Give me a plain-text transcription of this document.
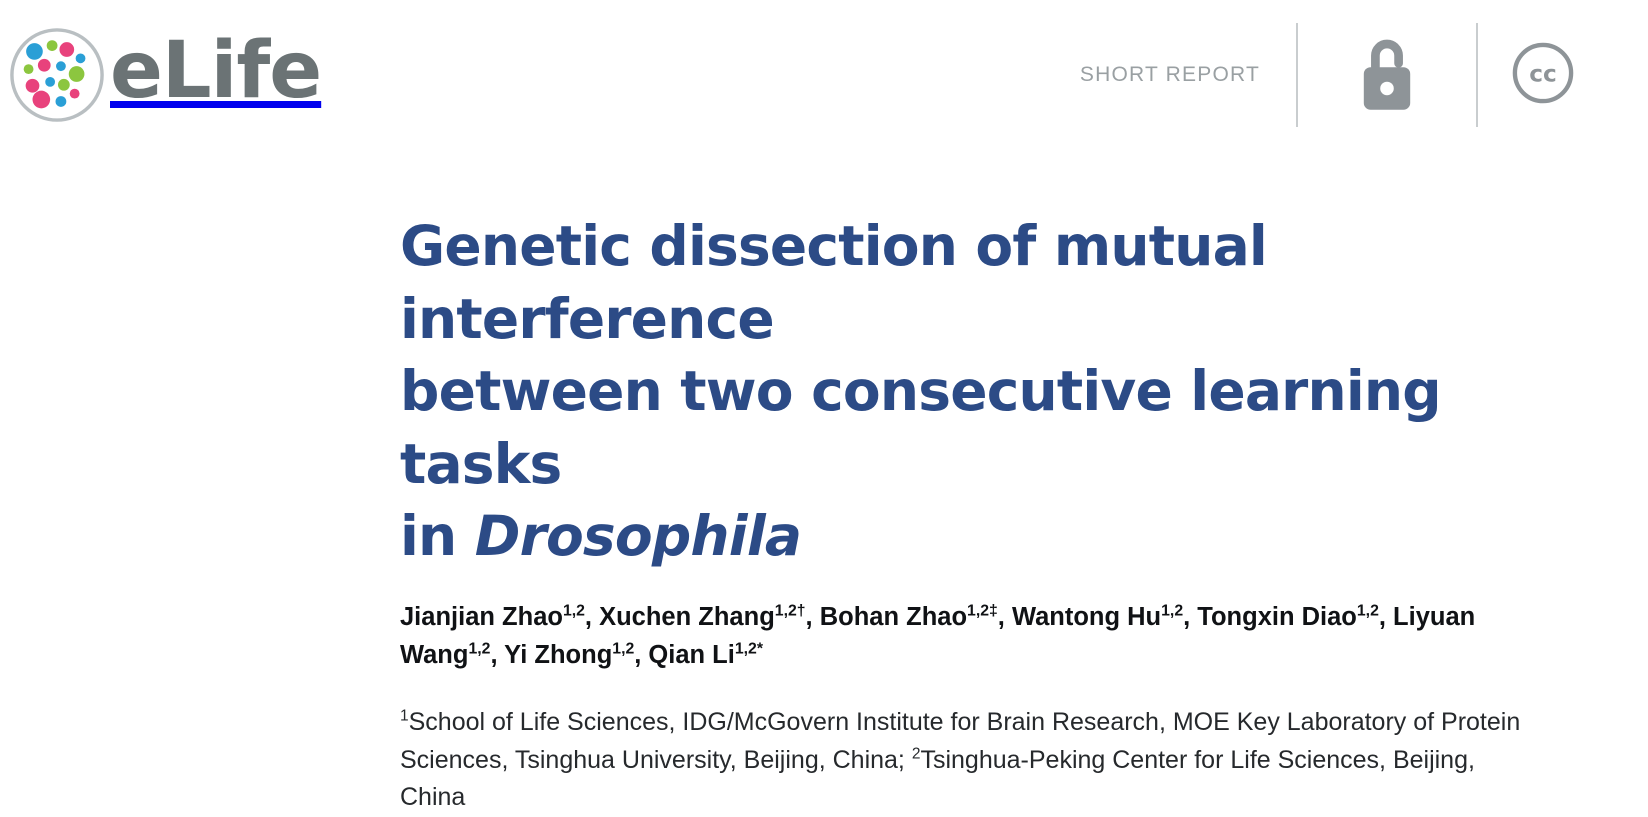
eLife	SHORT REPORT	cc
Genetic dissection of mutual interference
between two consecutive learning tasks
in Drosophila

Jianjian Zhao$^{1,2}$, Xuchen Zhang$^{1,2\dagger}$, Bohan Zhao$^{1,2\ddagger}$, Wantong Hu$^{1,2}$, Tongxin Diao$^{1,2}$, Liyuan Wang$^{1,2}$, Yi Zhong$^{1,2}$, Qian $Li^{1,2*}$

$^1$School of Life Sciences, IDG/McGovern Institute for Brain Research, MOE Key Laboratory of Protein Sciences, Tsinghua University, Beijing, China; $^2$Tsinghua-Peking Center for Life Sciences, Beijing, China
